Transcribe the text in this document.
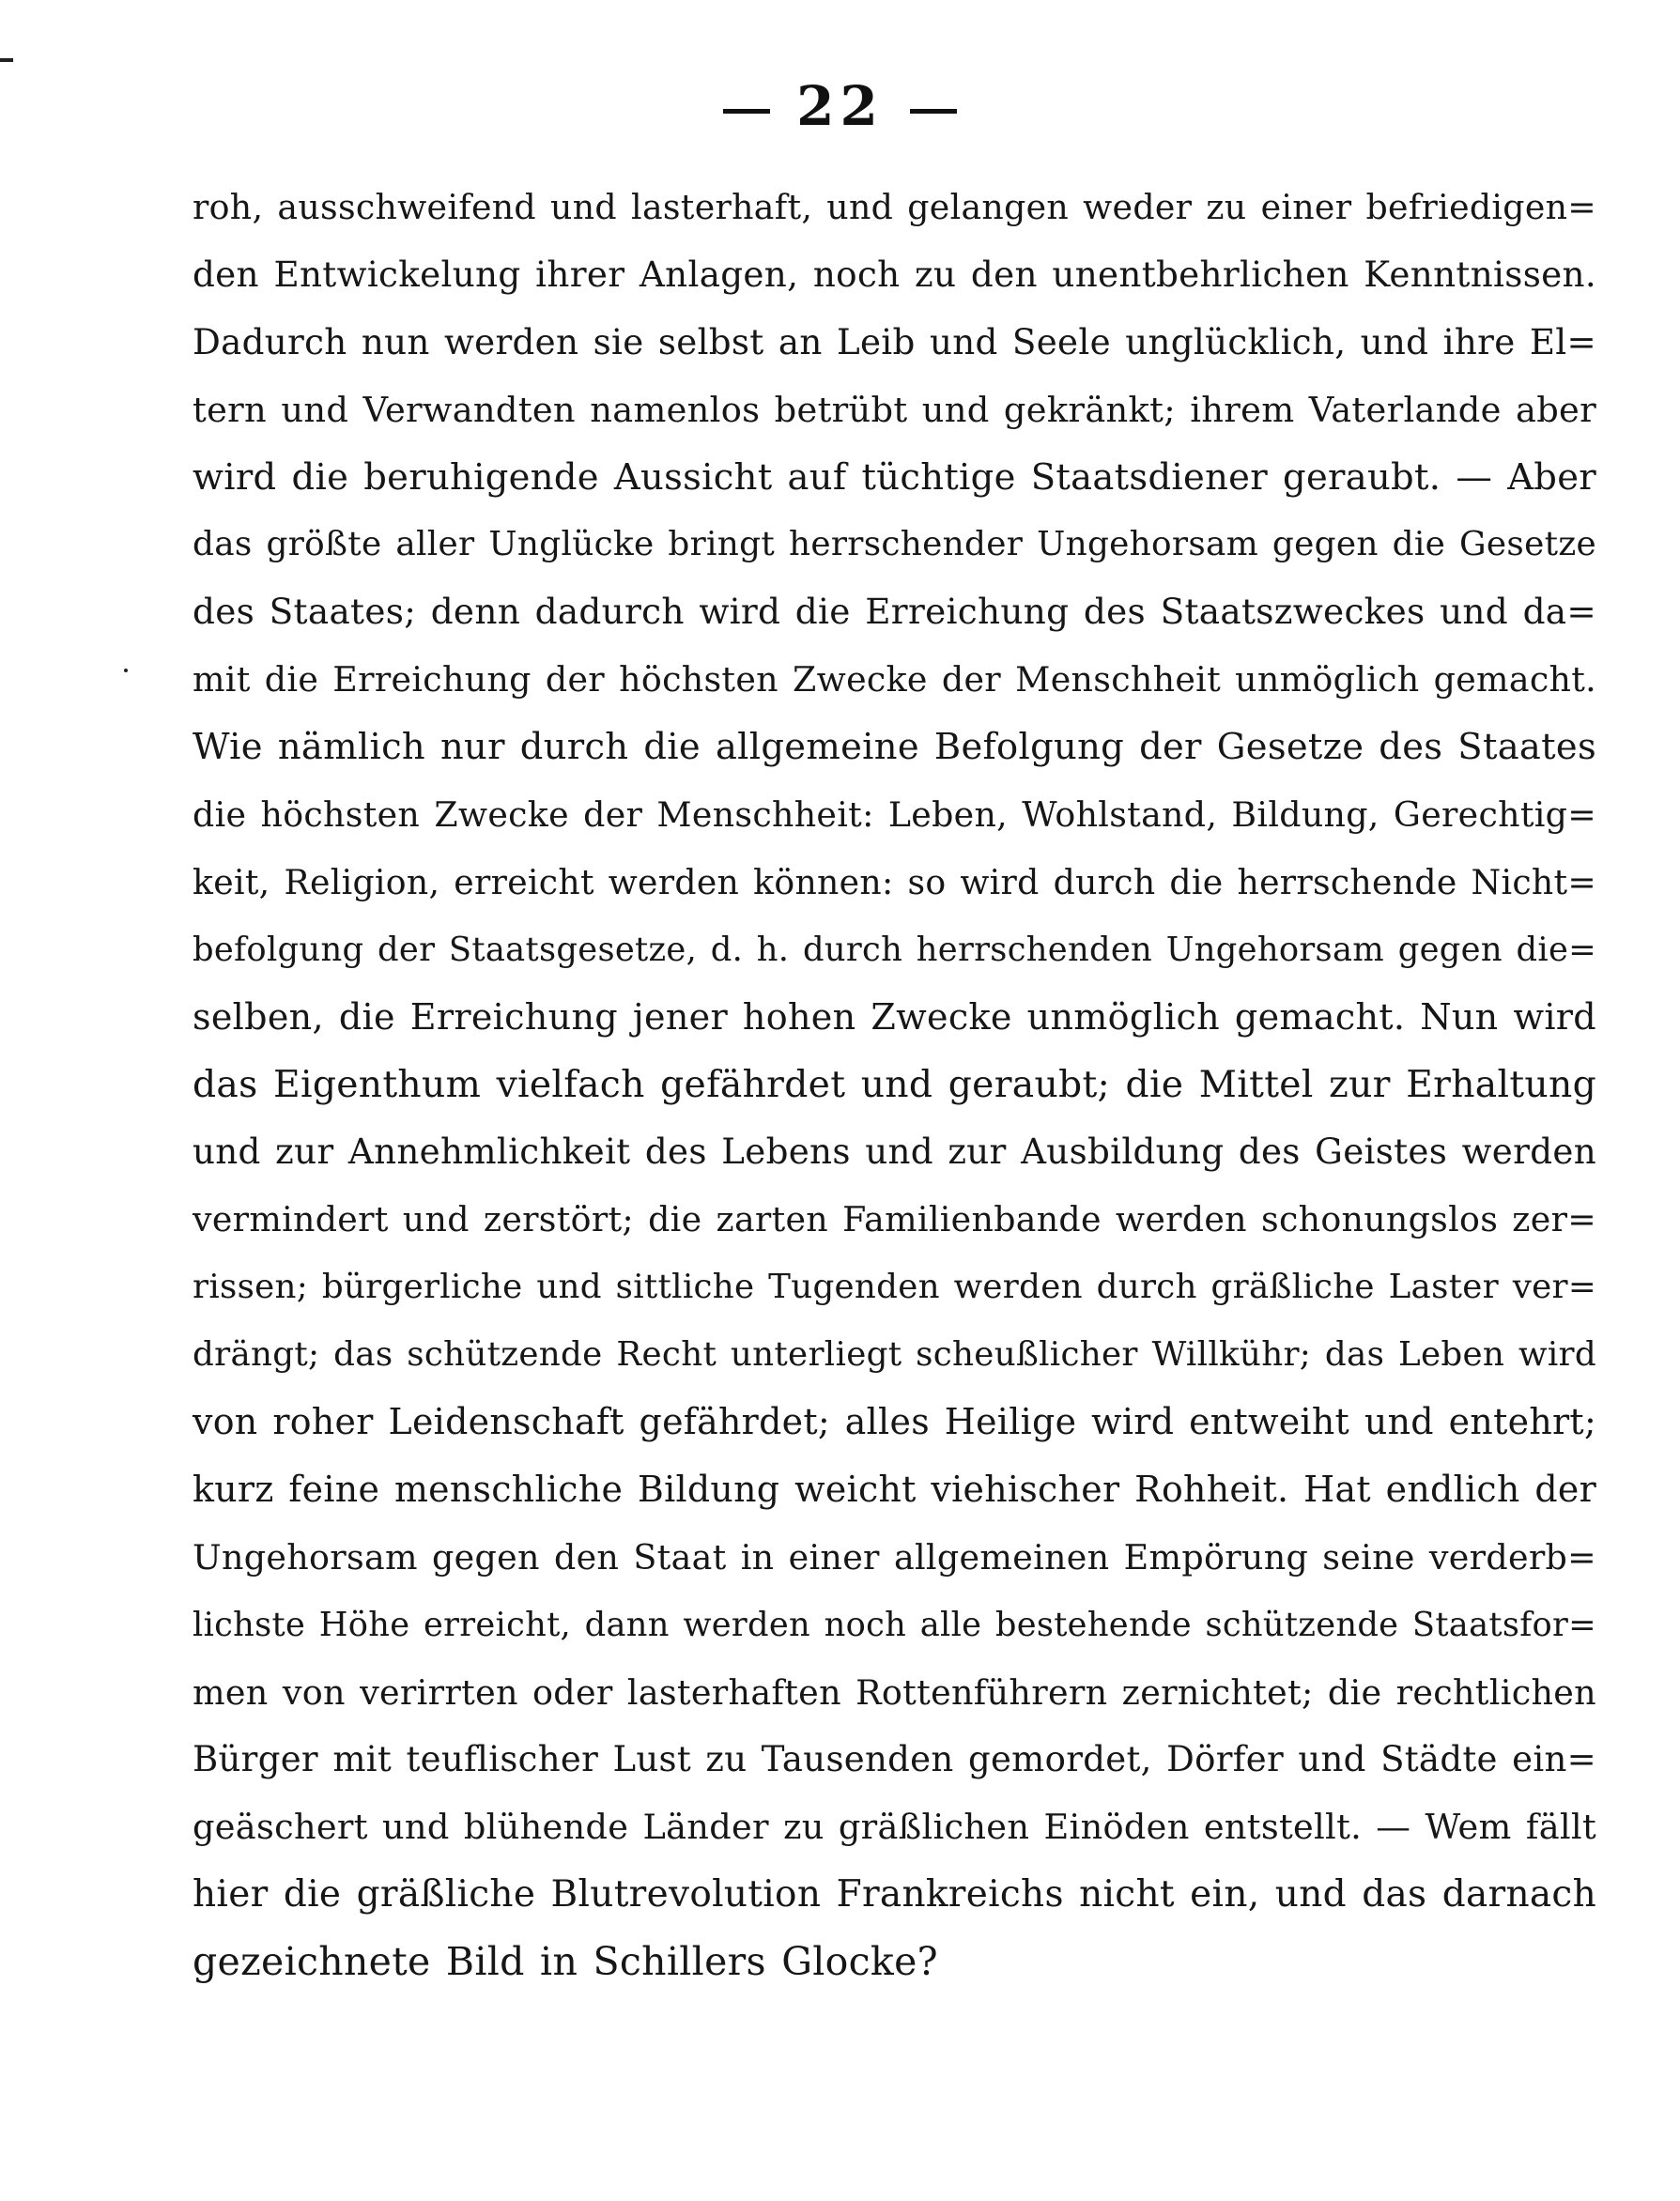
22
roh, ausschweifend und lasterhaft, und gelangen weder zu einer befriedigen=
den Entwickelung ihrer Anlagen, noch zu den unentbehrlichen Kenntnissen.
Dadurch nun werden sie selbst an Leib und Seele unglücklich, und ihre El=
tern und Verwandten namenlos betrübt und gekränkt; ihrem Vaterlande aber
wird die beruhigende Aussicht auf tüchtige Staatsdiener geraubt. — Aber
das größte aller Unglücke bringt herrschender Ungehorsam gegen die Gesetze
des Staates; denn dadurch wird die Erreichung des Staatszweckes und da=
mit die Erreichung der höchsten Zwecke der Menschheit unmöglich gemacht.
Wie nämlich nur durch die allgemeine Befolgung der Gesetze des Staates
die höchsten Zwecke der Menschheit: Leben, Wohlstand, Bildung, Gerechtig=
keit, Religion, erreicht werden können: so wird durch die herrschende Nicht=
befolgung der Staatsgesetze, d. h. durch herrschenden Ungehorsam gegen die=
selben, die Erreichung jener hohen Zwecke unmöglich gemacht. Nun wird
das Eigenthum vielfach gefährdet und geraubt; die Mittel zur Erhaltung
und zur Annehmlichkeit des Lebens und zur Ausbildung des Geistes werden
vermindert und zerstört; die zarten Familienbande werden schonungslos zer=
rissen; bürgerliche und sittliche Tugenden werden durch gräßliche Laster ver=
drängt; das schützende Recht unterliegt scheußlicher Willkühr; das Leben wird
von roher Leidenschaft gefährdet; alles Heilige wird entweiht und entehrt;
kurz feine menschliche Bildung weicht viehischer Rohheit. Hat endlich der
Ungehorsam gegen den Staat in einer allgemeinen Empörung seine verderb=
lichste Höhe erreicht, dann werden noch alle bestehende schützende Staatsfor=
men von verirrten oder lasterhaften Rottenführern zernichtet; die rechtlichen
Bürger mit teuflischer Lust zu Tausenden gemordet, Dörfer und Städte ein=
geäschert und blühende Länder zu gräßlichen Einöden entstellt. — Wem fällt
hier die gräßliche Blutrevolution Frankreichs nicht ein, und das darnach
gezeichnete Bild in Schillers Glocke?
